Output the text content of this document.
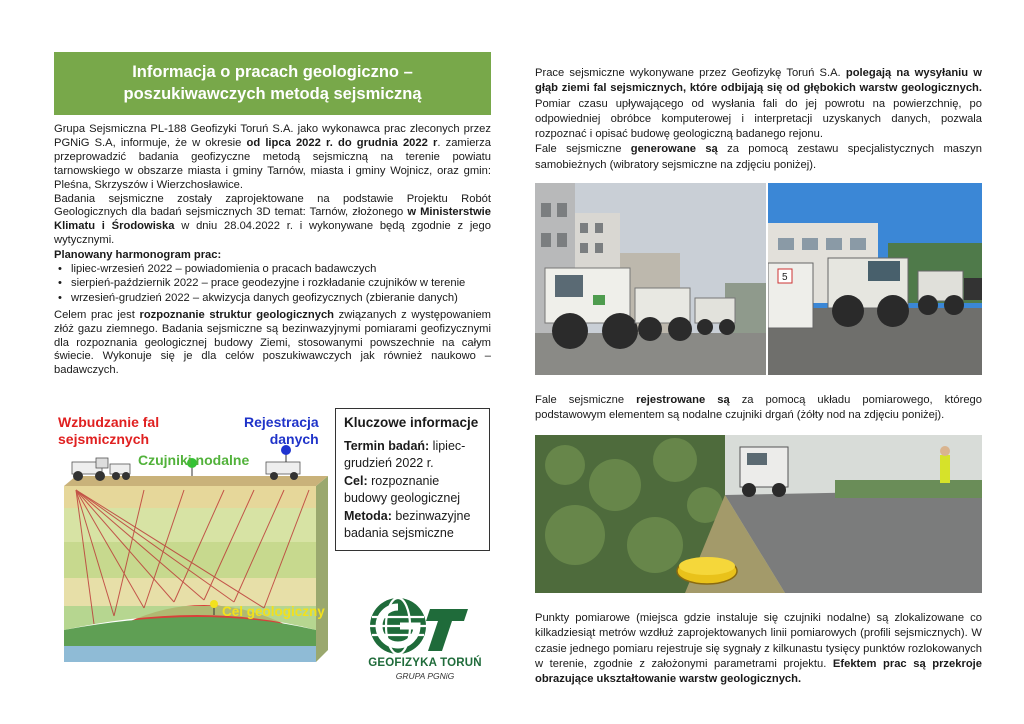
Informacja o pracach geologiczno –
poszukiwawczych metodą sejsmiczną

Grupa Sejsmiczna PL-188 Geofizyki Toruń S.A. jako wykonawca prac zleconych przez PGNiG S.A, informuje, że w okresie od lipca 2022 r. do grudnia 2022 r. zamierza przeprowadzić badania geofizyczne metodą sejsmiczną na terenie powiatu tarnowskiego w obszarze miasta i gminy Tarnów, miasta i gminy Wojnicz, oraz gmin: Pleśna, Skrzyszów i Wierzchosławice.

Badania sejsmiczne zostały zaprojektowane na podstawie Projektu Robót Geologicznych dla badań sejsmicznych 3D temat: Tarnów, złożonego w Ministerstwie Klimatu i Środowiska w dniu 28.04.2022 r. i wykonywane będą zgodnie z jego wytycznymi.

Planowany harmonogram prac:
• lipiec-wrzesień 2022 – powiadomienia o pracach badawczych
• sierpień-październik 2022 – prace geodezyjne i rozkładanie czujników w terenie
• wrzesień-grudzień 2022 – akwizycja danych geofizycznych (zbieranie danych)

Celem prac jest rozpoznanie struktur geologicznych związanych z występowaniem złóż gazu ziemnego. Badania sejsmiczne są bezinwazyjnymi pomiarami geofizycznymi dla rozpoznania geologicznej budowy Ziemi, stosowanymi powszechnie na całym świecie. Wykonuje się je dla celów poszukiwawczych jak również naukowo – badawczych.

Wzbudzanie fal
sejsmicznych
Rejestracja
danych
Czujniki nodalne
Cel geologiczny
Kluczowe informacje
Termin badań: lipiec-grudzień 2022 r.
Cel: rozpoznanie budowy geologicznej
Metoda: bezinwazyjne badania sejsmiczne
GEOFIZYKA TORUŃ
GRUPA PGNiG

Prace sejsmiczne wykonywane przez Geofizykę Toruń S.A. polegają na wysyłaniu w głąb ziemi fal sejsmicznych, które odbijają się od głębokich warstw geologicznych. Pomiar czasu upływającego od wysłania fali do jej powrotu na powierzchnię, po odpowiedniej obróbce komputerowej i interpretacji uzyskanych danych, pozwala rozpoznać i opisać budowę geologiczną badanego rejonu.

Fale sejsmiczne generowane są za pomocą zestawu specjalistycznych maszyn samobieżnych (wibratory sejsmiczne na zdjęciu poniżej).

5

Fale sejsmiczne rejestrowane są za pomocą układu pomiarowego, którego podstawowym elementem są nodalne czujniki drgań (żółty nod na zdjęciu poniżej).

Punkty pomiarowe (miejsca gdzie instaluje się czujniki nodalne) są zlokalizowane co kilkadziesiąt metrów wzdłuż zaprojektowanych linii pomiarowych (profili sejsmicznych). W czasie jednego pomiaru rejestruje się sygnały z kilkunastu tysięcy punktów rozlokowanych w terenie, zgodnie z założonymi parametrami projektu. Efektem prac są przekroje obrazujące ukształtowanie warstw geologicznych.
